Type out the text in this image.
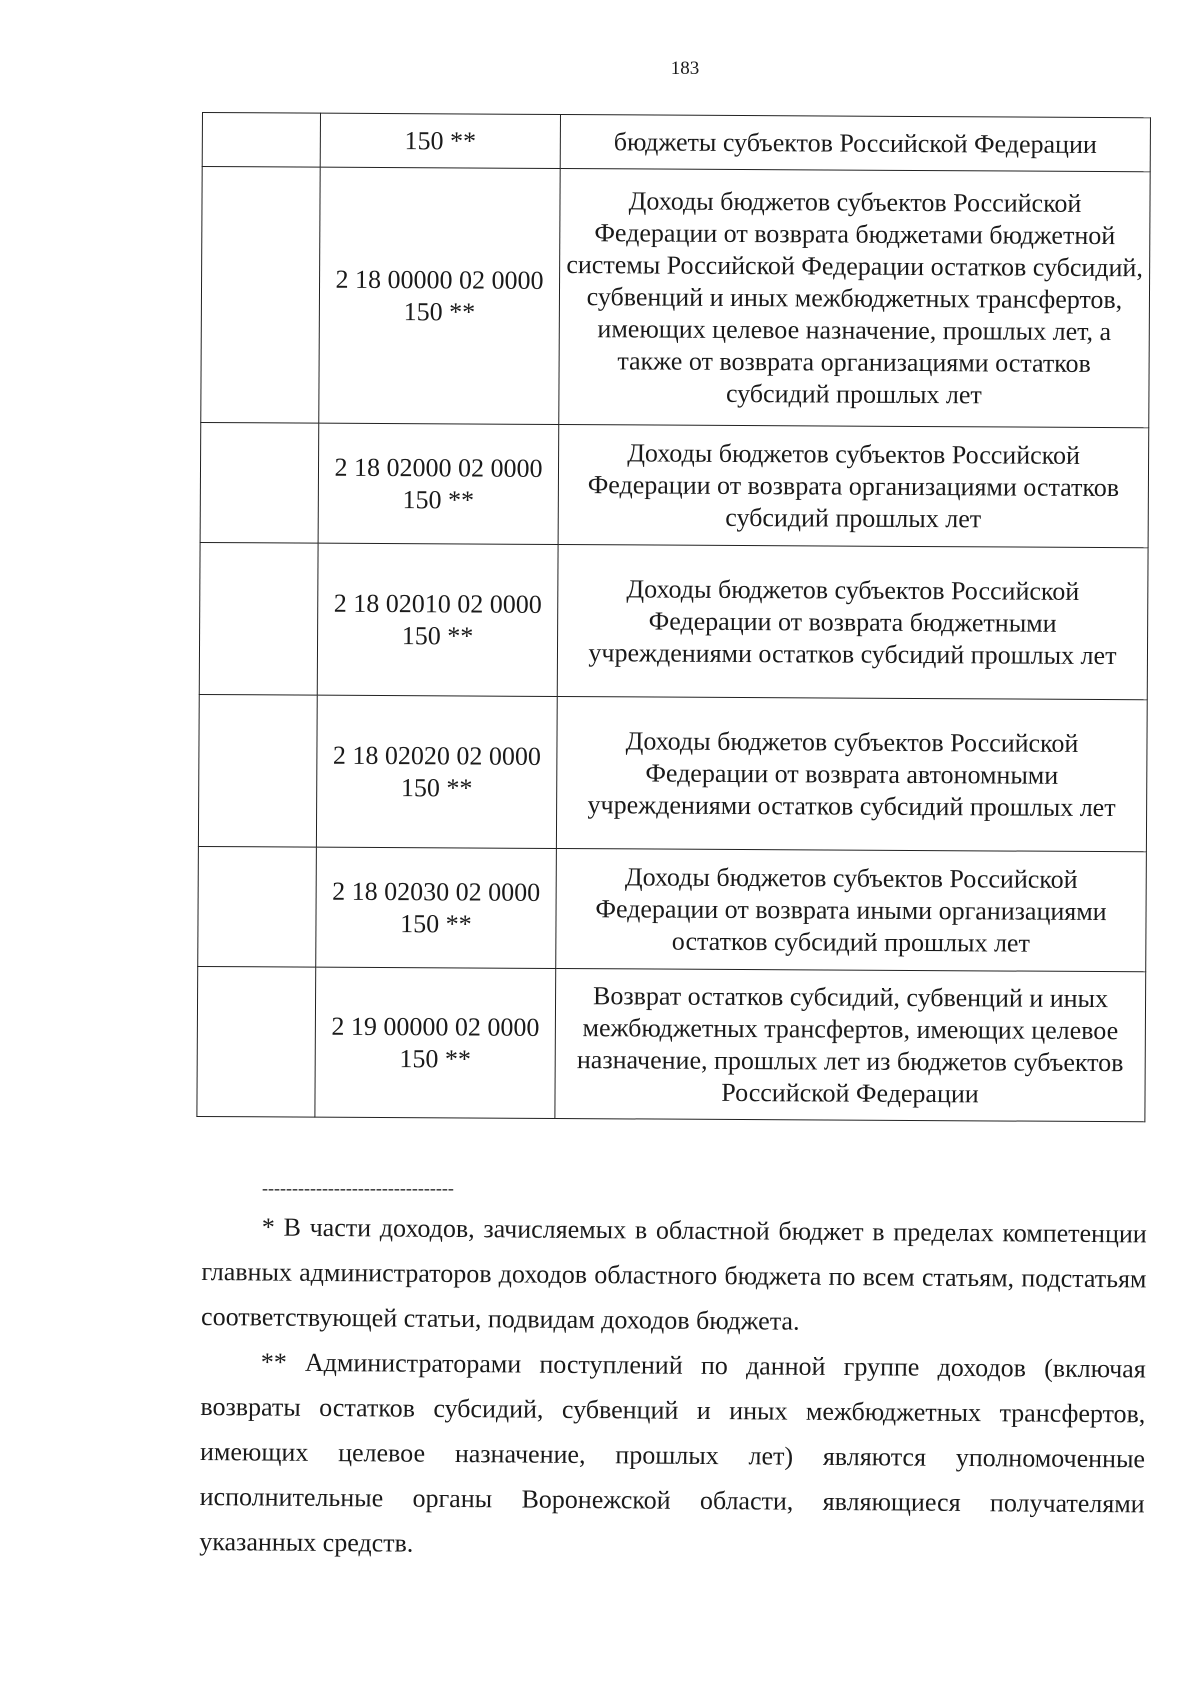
183
	150 **	бюджеты субъектов Российской Федерации
	2 18 00000 02 0000 150 **	Доходы бюджетов субъектов Российской Федерации от возврата бюджетами бюджетной системы Российской Федерации остатков субсидий, субвенций и иных межбюджетных трансфертов, имеющих целевое назначение, прошлых лет, а также от возврата организациями остатков субсидий прошлых лет
	2 18 02000 02 0000 150 **	Доходы бюджетов субъектов Российской Федерации от возврата организациями остатков субсидий прошлых лет
	2 18 02010 02 0000 150 **	Доходы бюджетов субъектов Российской Федерации от возврата бюджетными учреждениями остатков субсидий прошлых лет
	2 18 02020 02 0000 150 **	Доходы бюджетов субъектов Российской Федерации от возврата автономными учреждениями остатков субсидий прошлых лет
	2 18 02030 02 0000 150 **	Доходы бюджетов субъектов Российской Федерации от возврата иными организациями остатков субсидий прошлых лет
	2 19 00000 02 0000 150 **	Возврат остатков субсидий, субвенций и иных межбюджетных трансфертов, имеющих целевое назначение, прошлых лет из бюджетов субъектов Российской Федерации
--------------------------------

* В части доходов, зачисляемых в областной бюджет в пределах компетенции главных администраторов доходов областного бюджета по всем статьям, подстатьям соответствующей статьи, подвидам доходов бюджета.

** Администраторами поступлений по данной группе доходов (включая возвраты остатков субсидий, субвенций и иных межбюджетных трансфертов, имеющих целевое назначение, прошлых лет) являются уполномоченные исполнительные органы Воронежской области, являющиеся получателями указанных средств.
